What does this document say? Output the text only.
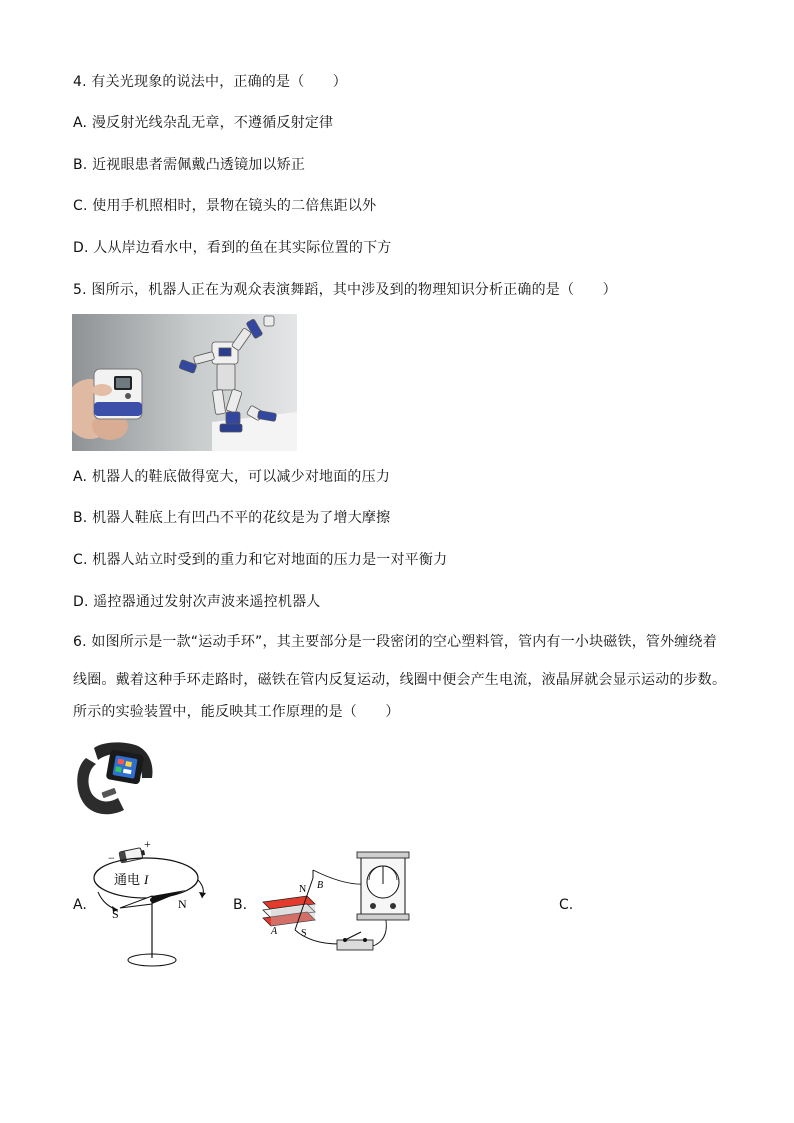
4. 有关光现象的说法中，正确的是（　　）
A. 漫反射光线杂乱无章，不遵循反射定律
B. 近视眼患者需佩戴凸透镜加以矫正
C. 使用手机照相时，景物在镜头的二倍焦距以外
D. 人从岸边看水中，看到的鱼在其实际位置的下方
5. 图所示，机器人正在为观众表演舞蹈，其中涉及到的物理知识分析正确的是（　　）
A. 机器人的鞋底做得宽大，可以减少对地面的压力
B. 机器人鞋底上有凹凸不平的花纹是为了增大摩擦
C. 机器人站立时受到的重力和它对地面的压力是一对平衡力
D. 遥控器通过发射次声波来遥控机器人
6. 如图所示是一款“运动手环”，其主要部分是一段密闭的空心塑料管，管内有一小块磁铁，管外缠绕着
线圈。戴着这种手环走路时，磁铁在管内反复运动，线圈中便会产生电流，液晶屏就会显示运动的步数。
所示的实验装置中，能反映其工作原理的是（　　）
A.	B.	C.
−
+
通电 I
S
N
N
S
B
A
